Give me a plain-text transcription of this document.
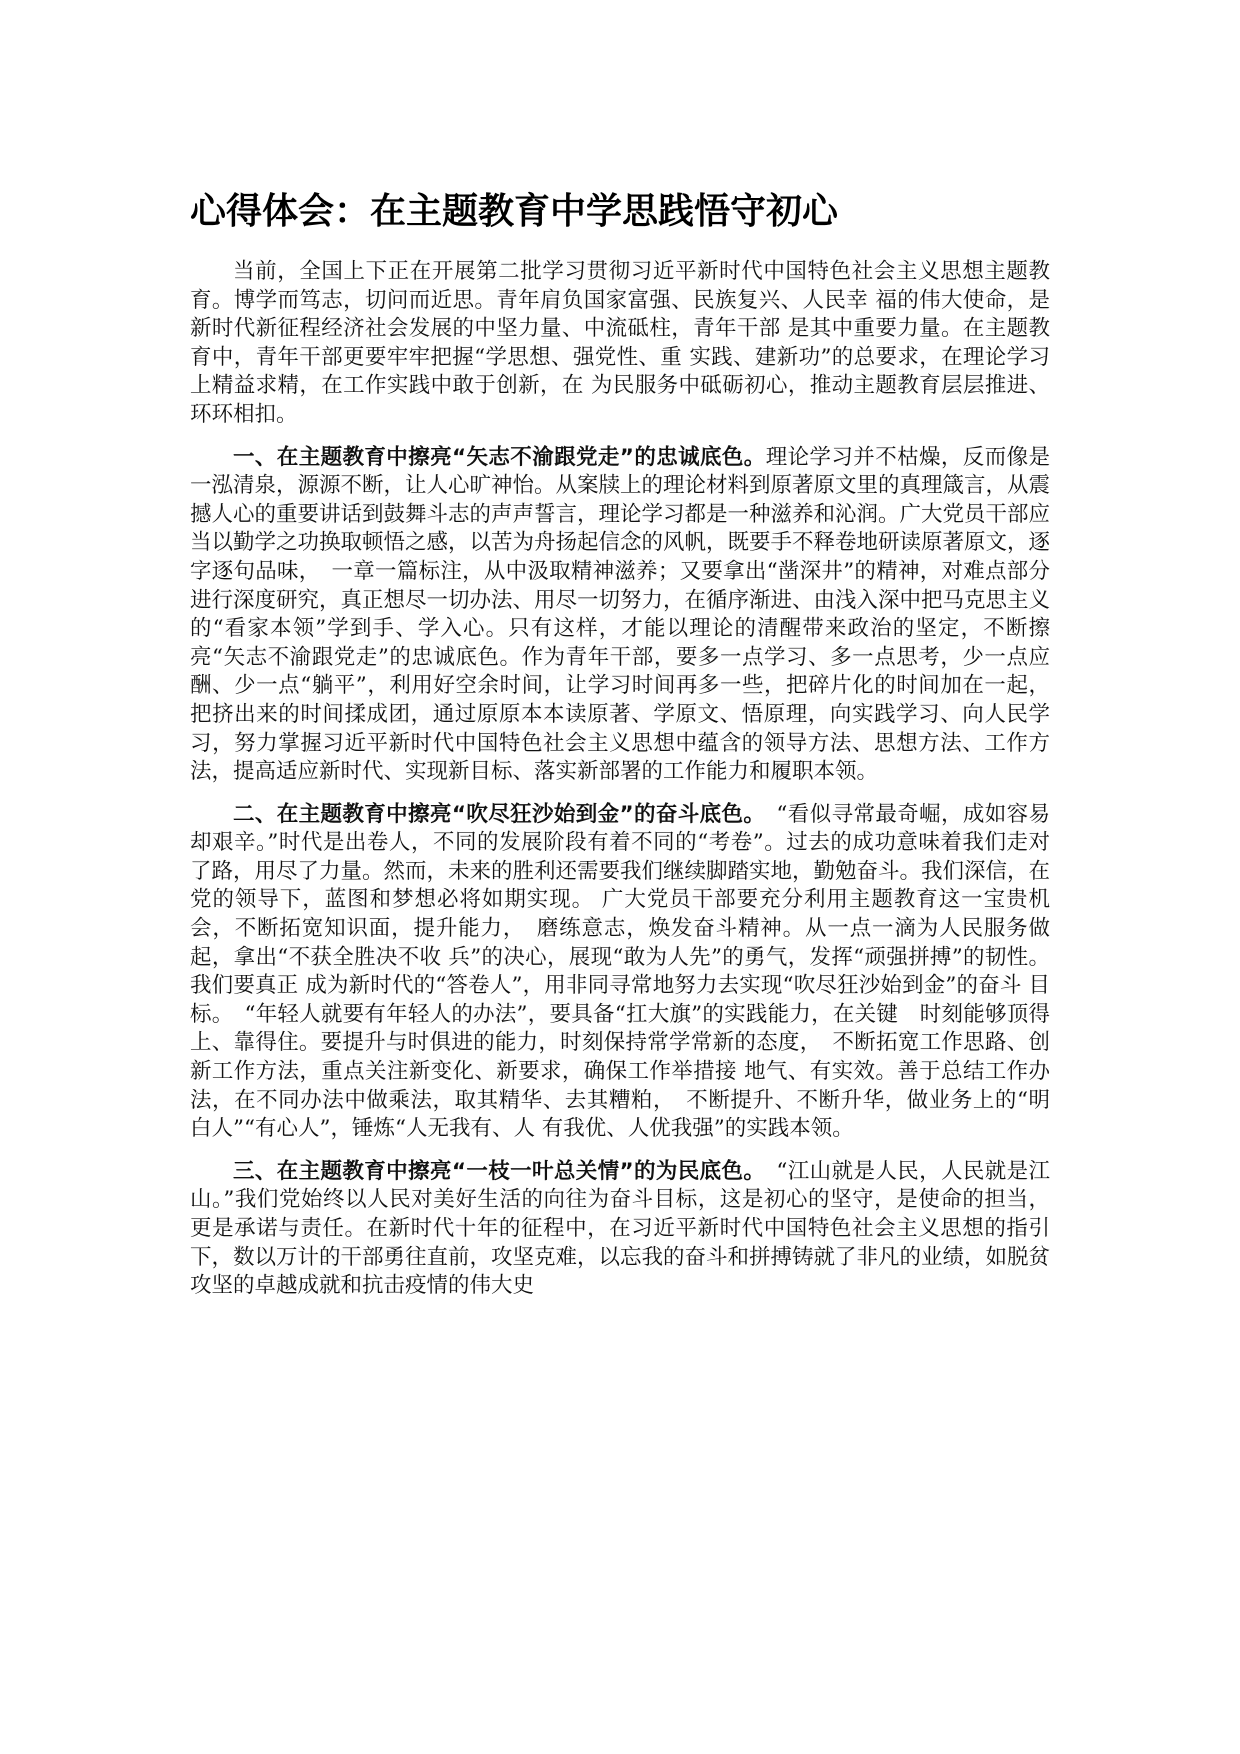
心得体会：在主题教育中学思践悟守初心

当前，全国上下正在开展第二批学习贯彻习近平新时代中国特色社会主义思想主题教育。博学而笃志，切问而近思。青年肩负国家富强、民族复兴、人民幸 福的伟大使命，是新时代新征程经济社会发展的中坚力量、中流砥柱，青年干部 是其中重要力量。在主题教育中，青年干部更要牢牢把握“学思想、强党性、重 实践、建新功”的总要求，在理论学习上精益求精，在工作实践中敢于创新，在 为民服务中砥砺初心，推动主题教育层层推进、环环相扣。

一、在主题教育中擦亮“矢志不渝跟党走”的忠诚底色。理论学习并不枯燥，反而像是一泓清泉，源源不断，让人心旷神怡。从案牍上的理论材料到原著原文里的真理箴言，从震撼人心的重要讲话到鼓舞斗志的声声誓言，理论学习都是一种滋养和沁润。广大党员干部应当以勤学之功换取顿悟之感，以苦为舟扬起信念的风帆，既要手不释卷地研读原著原文，逐字逐句品味，　一章一篇标注，从中汲取精神滋养；又要拿出“凿深井”的精神，对难点部分进行深度研究，真正想尽一切办法、用尽一切努力，在循序渐进、由浅入深中把马克思主义的“看家本领”学到手、学入心。只有这样，才能以理论的清醒带来政治的坚定，不断擦亮“矢志不渝跟党走”的忠诚底色。作为青年干部，要多一点学习、多一点思考，少一点应酬、少一点“躺平”，利用好空余时间，让学习时间再多一些，把碎片化的时间加在一起，把挤出来的时间揉成团，通过原原本本读原著、学原文、悟原理，向实践学习、向人民学习，努力掌握习近平新时代中国特色社会主义思想中蕴含的领导方法、思想方法、工作方法，提高适应新时代、实现新目标、落实新部署的工作能力和履职本领。

二、在主题教育中擦亮“吹尽狂沙始到金”的奋斗底色。　“看似寻常最奇崛，成如容易却艰辛。”时代是出卷人，不同的发展阶段有着不同的“考卷”。过去的成功意味着我们走对了路，用尽了力量。然而，未来的胜利还需要我们继续脚踏实地，勤勉奋斗。我们深信，在党的领导下，蓝图和梦想必将如期实现。 广大党员干部要充分利用主题教育这一宝贵机会，不断拓宽知识面，提升能力，　磨练意志，焕发奋斗精神。从一点一滴为人民服务做起，拿出“不获全胜决不收 兵”的决心，展现“敢为人先”的勇气，发挥“顽强拼搏”的韧性。我们要真正 成为新时代的“答卷人”，用非同寻常地努力去实现“吹尽狂沙始到金”的奋斗 目标。　“年轻人就要有年轻人的办法”，要具备“扛大旗”的实践能力，在关键　时刻能够顶得上、靠得住。要提升与时俱进的能力，时刻保持常学常新的态度，　不断拓宽工作思路、创新工作方法，重点关注新变化、新要求，确保工作举措接 地气、有实效。善于总结工作办法，在不同办法中做乘法，取其精华、去其糟粕，　不断提升、不断升华，做业务上的“明白人”“有心人”，锤炼“人无我有、人 有我优、人优我强”的实践本领。

三、在主题教育中擦亮“一枝一叶总关情”的为民底色。　“江山就是人民，人民就是江山。”我们党始终以人民对美好生活的向往为奋斗目标，这是初心的坚守，是使命的担当，更是承诺与责任。在新时代十年的征程中，在习近平新时代中国特色社会主义思想的指引下，数以万计的干部勇往直前，攻坚克难，以忘我的奋斗和拼搏铸就了非凡的业绩，如脱贫攻坚的卓越成就和抗击疫情的伟大史
